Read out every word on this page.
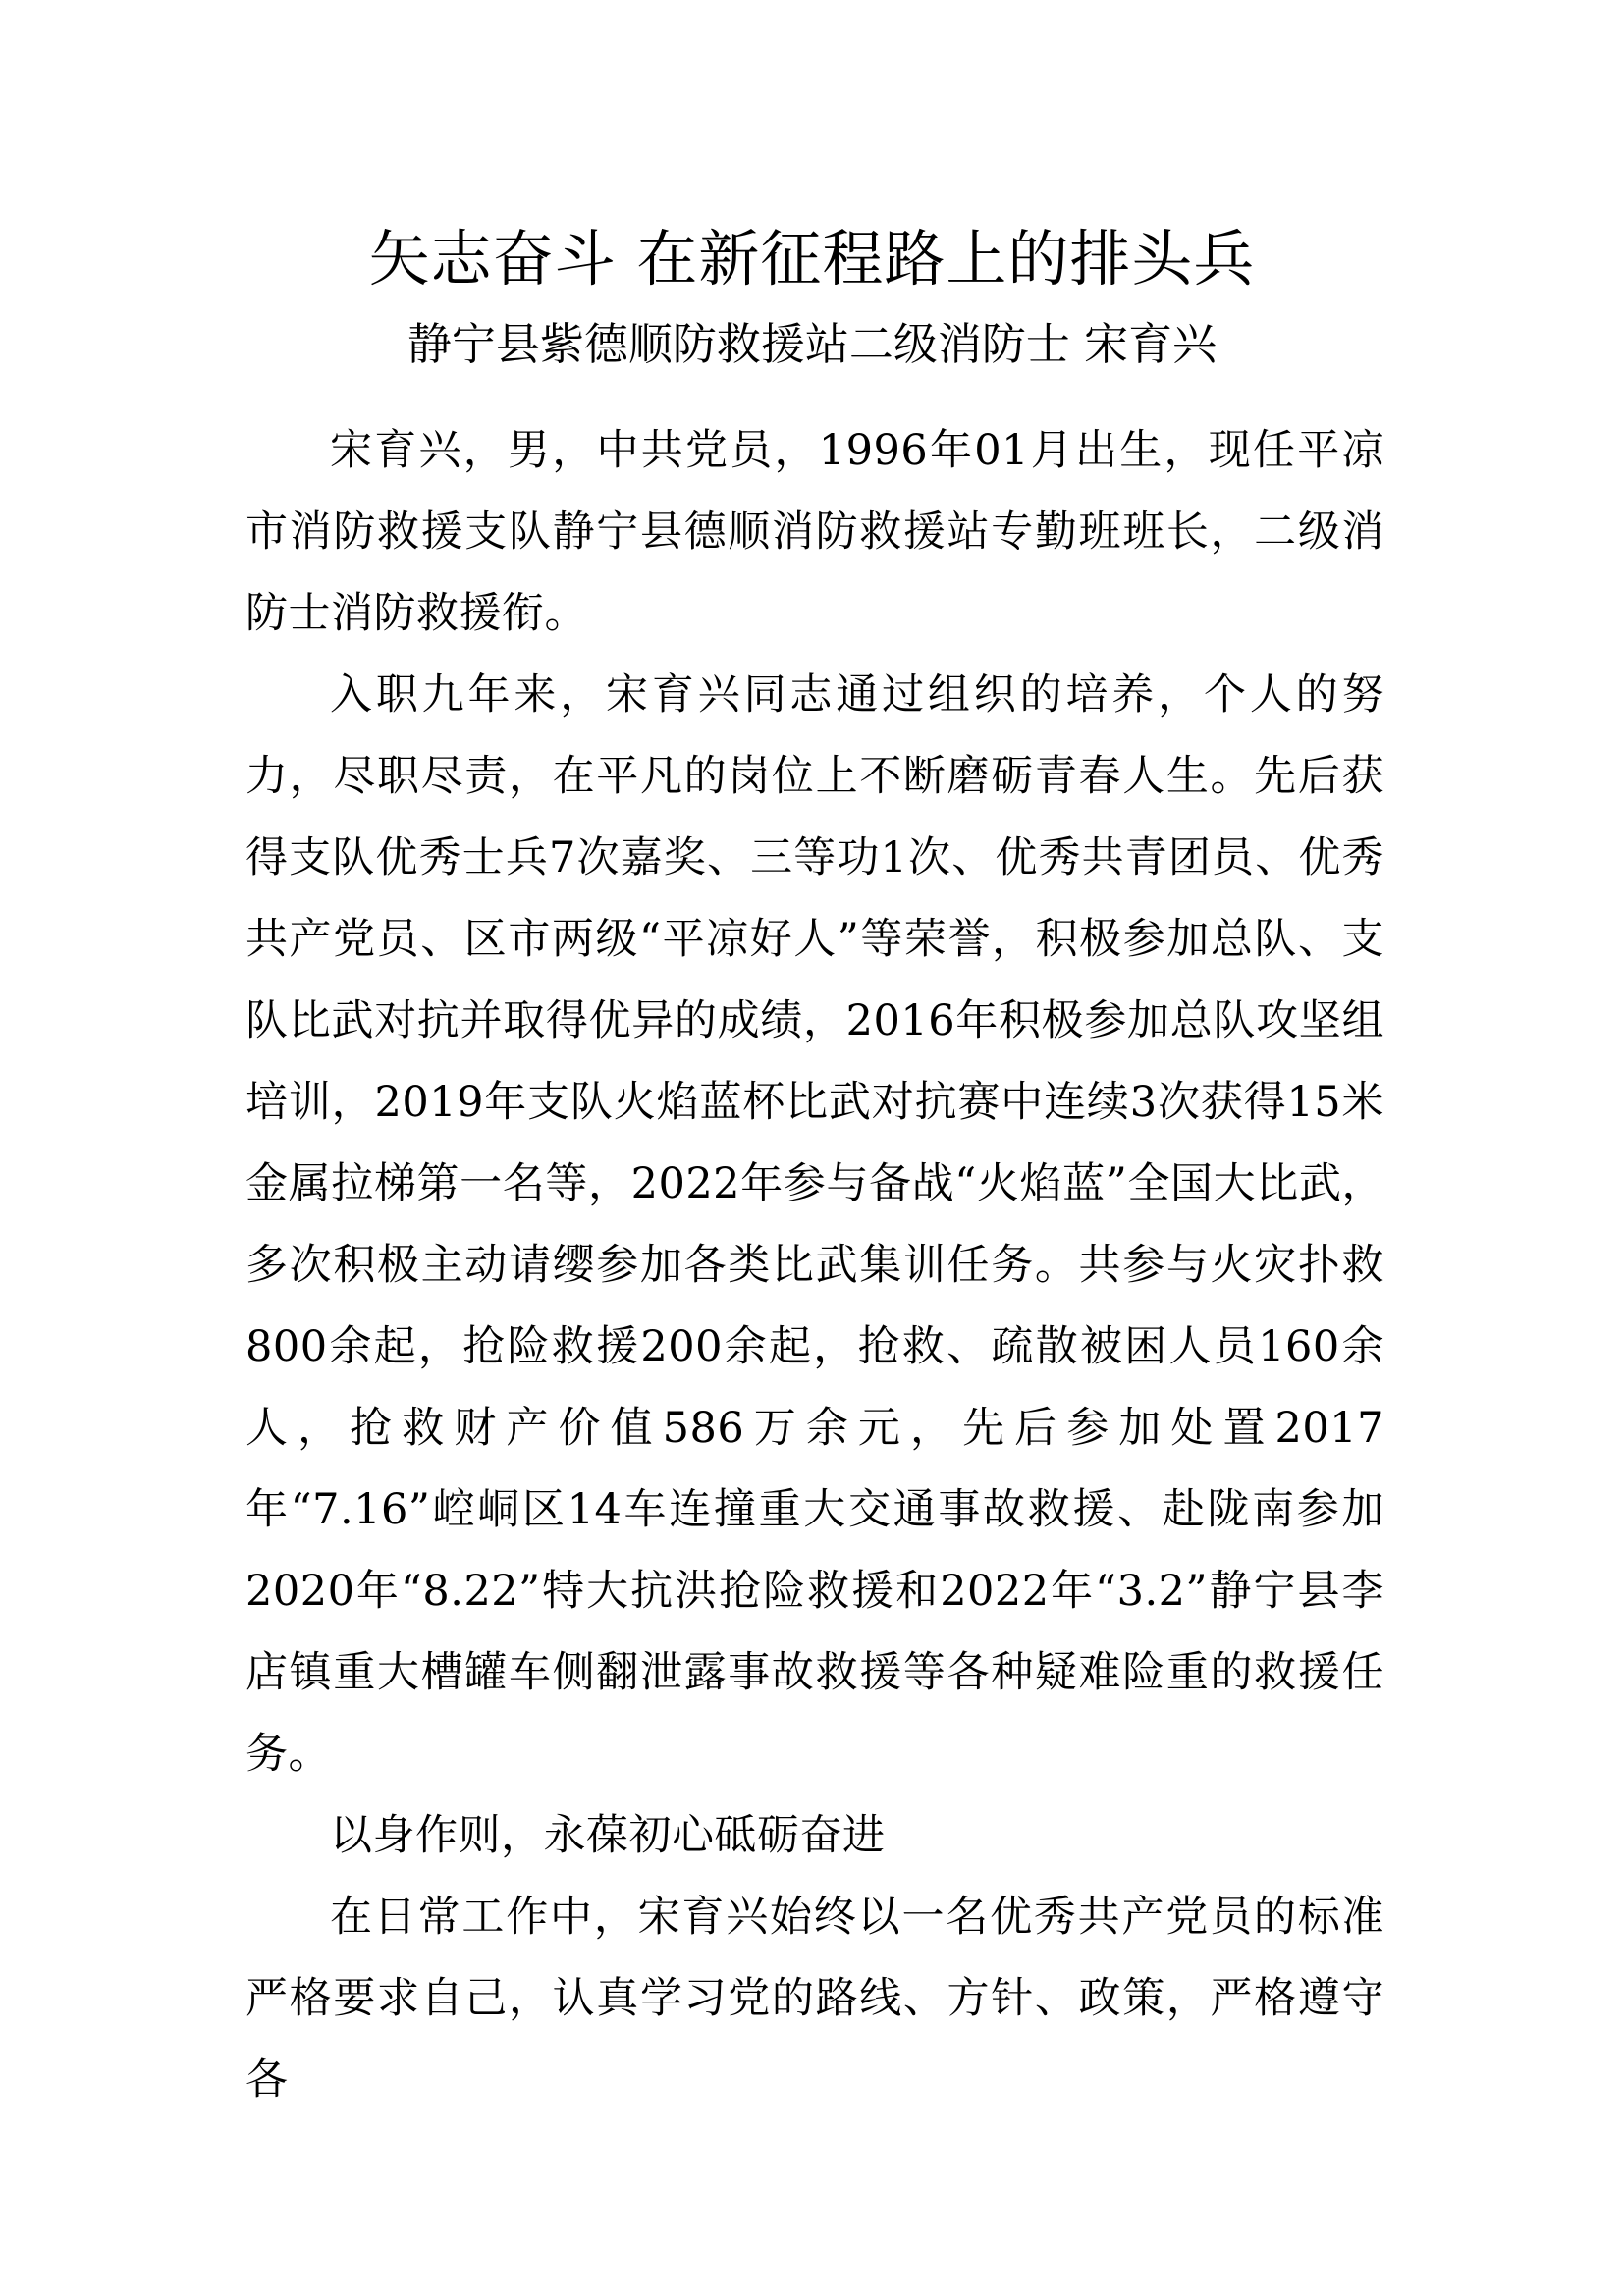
矢志奋斗 在新征程路上的排头兵
静宁县紫德顺防救援站二级消防士 宋育兴

宋育兴，男，中共党员，1996年01月出生，现任平凉市消防救援支队静宁县德顺消防救援站专勤班班长，二级消防士消防救援衔。

入职九年来，宋育兴同志通过组织的培养，个人的努力，尽职尽责，在平凡的岗位上不断磨砺青春人生。先后获得支队优秀士兵7次嘉奖、三等功1次、优秀共青团员、优秀共产党员、区市两级“平凉好人”等荣誉，积极参加总队、支队比武对抗并取得优异的成绩，2016年积极参加总队攻坚组培训，2019年支队火焰蓝杯比武对抗赛中连续3次获得15米金属拉梯第一名等，2022年参与备战“火焰蓝”全国大比武，多次积极主动请缨参加各类比武集训任务。共参与火灾扑救800余起，抢险救援200余起，抢救、疏散被困人员160余人，抢救财产价值586万余元，先后参加处置2017年“7.16”崆峒区14车连撞重大交通事故救援、赴陇南参加2020年“8.22”特大抗洪抢险救援和2022年“3.2”静宁县李店镇重大槽罐车侧翻泄露事故救援等各种疑难险重的救援任务。

以身作则，永葆初心砥砺奋进

在日常工作中，宋育兴始终以一名优秀共产党员的标准严格要求自己，认真学习党的路线、方针、政策，严格遵守各
